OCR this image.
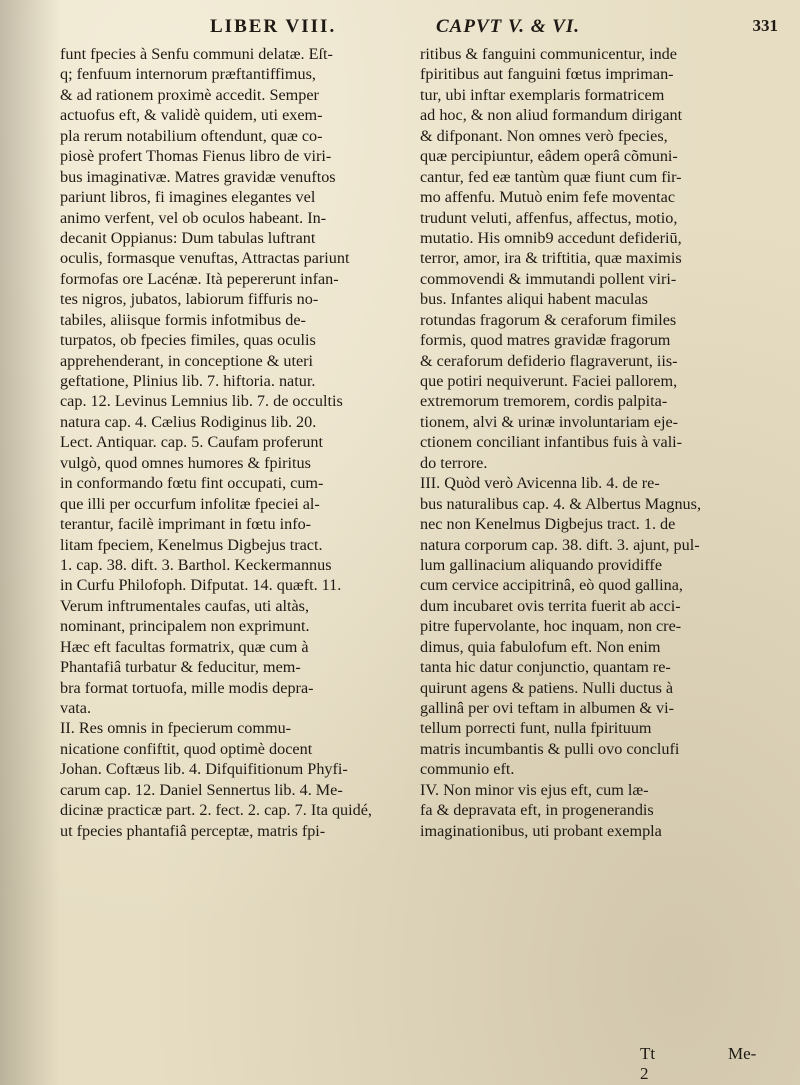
LIBER VIII.	CAPVT V. & VI.	331
funt fpecies à Senfu communi delatæ. Eſt-
q; fenfuum internorum præftantiffimus,
& ad rationem proximè accedit. Semper
actuofus eft, & validè quidem, uti exem-
pla rerum notabilium oftendunt, quæ co-
piosè profert Thomas Fienus libro de viri-
bus imaginativæ. Matres gravidæ venuftos
pariunt libros, fi imagines elegantes vel
animo verfent, vel ob oculos habeant. In-
decanit Oppianus: Dum tabulas luftrant
oculis, formasque venuftas, Attractas pariunt
formofas ore Lacénæ. Ità pepererunt infan-
tes nigros, jubatos, labiorum fiffuris no-
tabiles, aliisque formis infotmibus de-
turpatos, ob fpecies fimiles, quas oculis
apprehenderant, in conceptione & uteri
geftatione, Plinius lib. 7. hiftoria. natur.
cap. 12. Levinus Lemnius lib. 7. de occultis
natura cap. 4. Cælius Rodiginus lib. 20.
Lect. Antiquar. cap. 5. Caufam proferunt
vulgò, quod omnes humores & fpiritus
in conformando fœtu fint occupati, cum-
que illi per occurfum infolitæ fpeciei al-
terantur, facilè imprimant in fœtu info-
litam fpeciem, Kenelmus Digbejus tract.
1. cap. 38. dift. 3. Barthol. Keckermannus
in Curfu Philofoph. Difputat. 14. quæft. 11.
Verum inftrumentales caufas, uti altàs,
nominant, principalem non exprimunt.
Hæc eft facultas formatrix, quæ cum à
Phantafiâ turbatur & feducitur, mem-
bra format tortuofa, mille modis depra-
vata.
II. Res omnis in fpecierum commu-
nicatione confiftit, quod optimè docent
Johan. Coftæus lib. 4. Difquifitionum Phyfi-
carum cap. 12. Daniel Sennertus lib. 4. Me-
dicinæ practicæ part. 2. fect. 2. cap. 7. Ita quidé,
ut fpecies phantafiâ perceptæ, matris fpi-
ritibus & fanguini communicentur, inde
fpiritibus aut fanguini fœtus impriman-
tur, ubi inftar exemplaris formatricem
ad hoc, & non aliud formandum dirigant
& difponant. Non omnes verò fpecies,
quæ percipiuntur, eâdem operâ cõmuni-
cantur, fed eæ tantùm quæ fiunt cum fir-
mo affenfu. Mutuò enim fefe moventac
trudunt veluti, affenfus, affectus, motio,
mutatio. His omnib9 accedunt defideriū,
terror, amor, ira & triftitia, quæ maximis
commovendi & immutandi pollent viri-
bus. Infantes aliqui habent maculas
rotundas fragorum & ceraforum fimiles
formis, quod matres gravidæ fragorum
& ceraforum defiderio flagraverunt, iis-
que potiri nequiverunt. Faciei pallorem,
extremorum tremorem, cordis palpita-
tionem, alvi & urinæ involuntariam eje-
ctionem conciliant infantibus fuis à vali-
do terrore.
III. Quòd verò Avicenna lib. 4. de re-
bus naturalibus cap. 4. & Albertus Magnus,
nec non Kenelmus Digbejus tract. 1. de
natura corporum cap. 38. dift. 3. ajunt, pul-
lum gallinacium aliquando providiffe
cum cervice accipitrinâ, eò quod gallina,
dum incubaret ovis territa fuerit ab acci-
pitre fupervolante, hoc inquam, non cre-
dimus, quia fabulofum eft. Non enim
tanta hic datur conjunctio, quantam re-
quirunt agens & patiens. Nulli ductus à
gallinâ per ovi teftam in albumen & vi-
tellum porrecti funt, nulla fpirituum
matris incumbantis & pulli ovo conclufi
communio eft.
IV. Non minor vis ejus eft, cum læ-
fa & depravata eft, in progenerandis
imaginationibus, uti probant exempla
Tt 2
Me-
